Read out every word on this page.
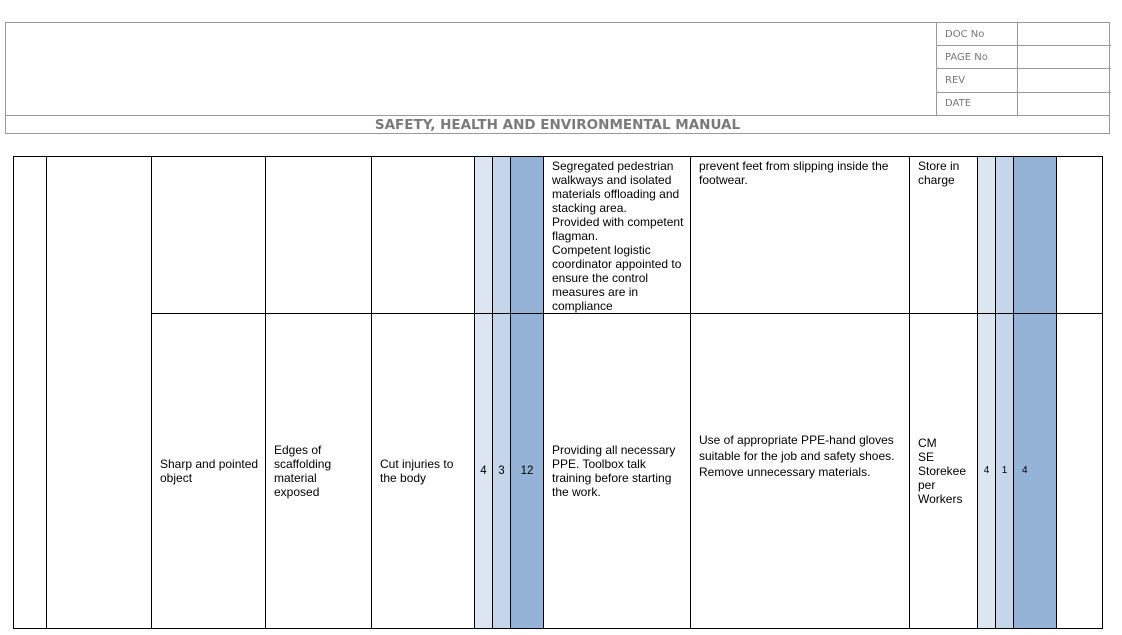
DOC No	
PAGE No	
REV	
DATE	
SAFETY, HEALTH AND ENVIRONMENTAL MANUAL

								Segregated pedestrian walkways and isolated materials offloading and stacking area.
Provided with competent flagman.
Competent logistic coordinator appointed to ensure the control measures are in compliance	prevent feet from slipping inside the footwear.	Store in charge				

		Sharp and pointed object	Edges of scaffolding material exposed	Cut injuries to the body	4	3	12	Providing all necessary PPE. Toolbox talk training before starting the work.	Use of appropriate PPE-hand gloves suitable for the job and safety shoes.
Remove unnecessary materials.	CM
SE
Storekee per
Workers	4	1	4	
